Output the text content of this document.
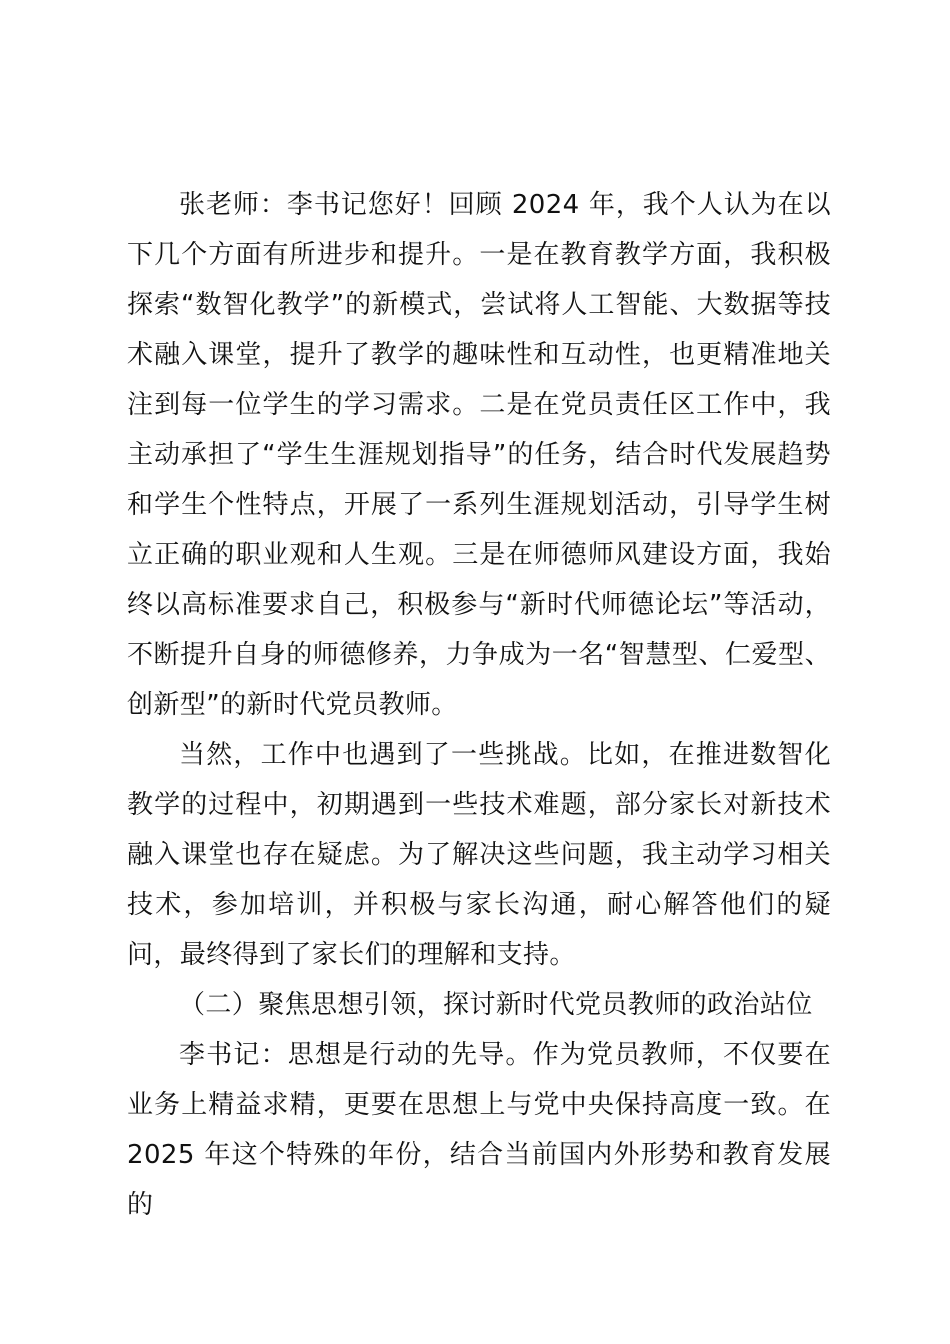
张老师：李书记您好！回顾 2024 年，我个人认为在以下几个方面有所进步和提升。一是在教育教学方面，我积极探索“数智化教学”的新模式，尝试将人工智能、大数据等技术融入课堂，提升了教学的趣味性和互动性，也更精准地关注到每一位学生的学习需求。二是在党员责任区工作中，我主动承担了“学生生涯规划指导”的任务，结合时代发展趋势和学生个性特点，开展了一系列生涯规划活动，引导学生树立正确的职业观和人生观。三是在师德师风建设方面，我始终以高标准要求自己，积极参与“新时代师德论坛”等活动，不断提升自身的师德修养，力争成为一名“智慧型、仁爱型、创新型”的新时代党员教师。

当然，工作中也遇到了一些挑战。比如，在推进数智化教学的过程中，初期遇到一些技术难题，部分家长对新技术融入课堂也存在疑虑。为了解决这些问题，我主动学习相关技术，参加培训，并积极与家长沟通，耐心解答他们的疑问，最终得到了家长们的理解和支持。

（二）聚焦思想引领，探讨新时代党员教师的政治站位

李书记：思想是行动的先导。作为党员教师，不仅要在业务上精益求精，更要在思想上与党中央保持高度一致。在 2025 年这个特殊的年份，结合当前国内外形势和教育发展的
